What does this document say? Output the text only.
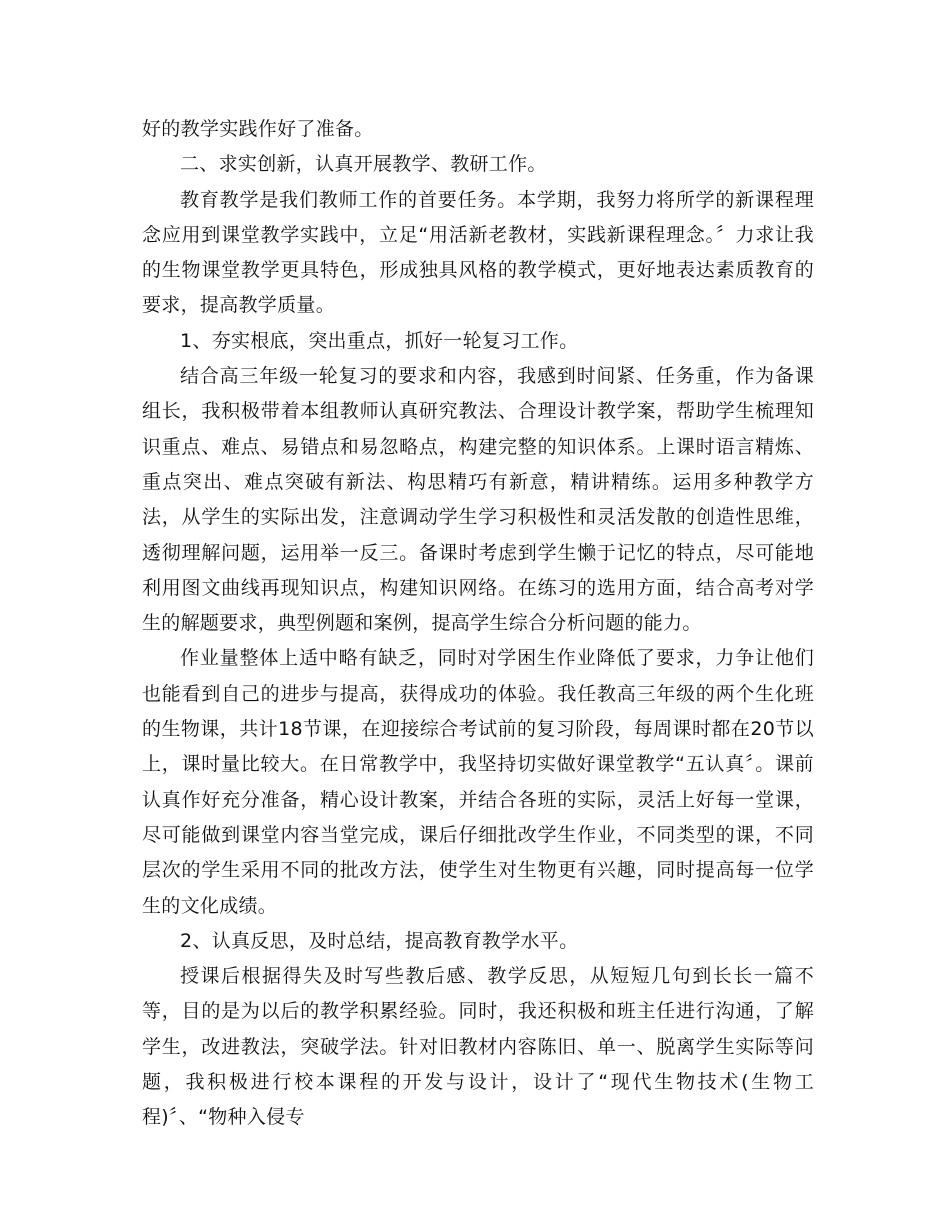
好的教学实践作好了准备。

二、求实创新，认真开展教学、教研工作。

教育教学是我们教师工作的首要任务。本学期，我努力将所学的新课程理念应用到课堂教学实践中，立足“用活新老教材，实践新课程理念。〞力求让我的生物课堂教学更具特色，形成独具风格的教学模式，更好地表达素质教育的要求，提高教学质量。

1、夯实根底，突出重点，抓好一轮复习工作。

结合高三年级一轮复习的要求和内容，我感到时间紧、任务重，作为备课组长，我积极带着本组教师认真研究教法、合理设计教学案，帮助学生梳理知识重点、难点、易错点和易忽略点，构建完整的知识体系。上课时语言精炼、重点突出、难点突破有新法、构思精巧有新意，精讲精练。运用多种教学方法，从学生的实际出发，注意调动学生学习积极性和灵活发散的创造性思维，透彻理解问题，运用举一反三。备课时考虑到学生懒于记忆的特点，尽可能地利用图文曲线再现知识点，构建知识网络。在练习的选用方面，结合高考对学生的解题要求，典型例题和案例，提高学生综合分析问题的能力。

作业量整体上适中略有缺乏，同时对学困生作业降低了要求，力争让他们也能看到自己的进步与提高，获得成功的体验。我任教高三年级的两个生化班的生物课，共计18节课，在迎接综合考试前的复习阶段，每周课时都在20节以上，课时量比较大。在日常教学中，我坚持切实做好课堂教学“五认真〞。课前认真作好充分准备，精心设计教案，并结合各班的实际，灵活上好每一堂课，尽可能做到课堂内容当堂完成，课后仔细批改学生作业，不同类型的课，不同层次的学生采用不同的批改方法，使学生对生物更有兴趣，同时提高每一位学生的文化成绩。

2、认真反思，及时总结，提高教育教学水平。

授课后根据得失及时写些教后感、教学反思，从短短几句到长长一篇不等，目的是为以后的教学积累经验。同时，我还积极和班主任进行沟通，了解学生，改进教法，突破学法。针对旧教材内容陈旧、单一、脱离学生实际等问题，我积极进行校本课程的开发与设计，设计了“现代生物技术(生物工程)〞、“物种入侵专
